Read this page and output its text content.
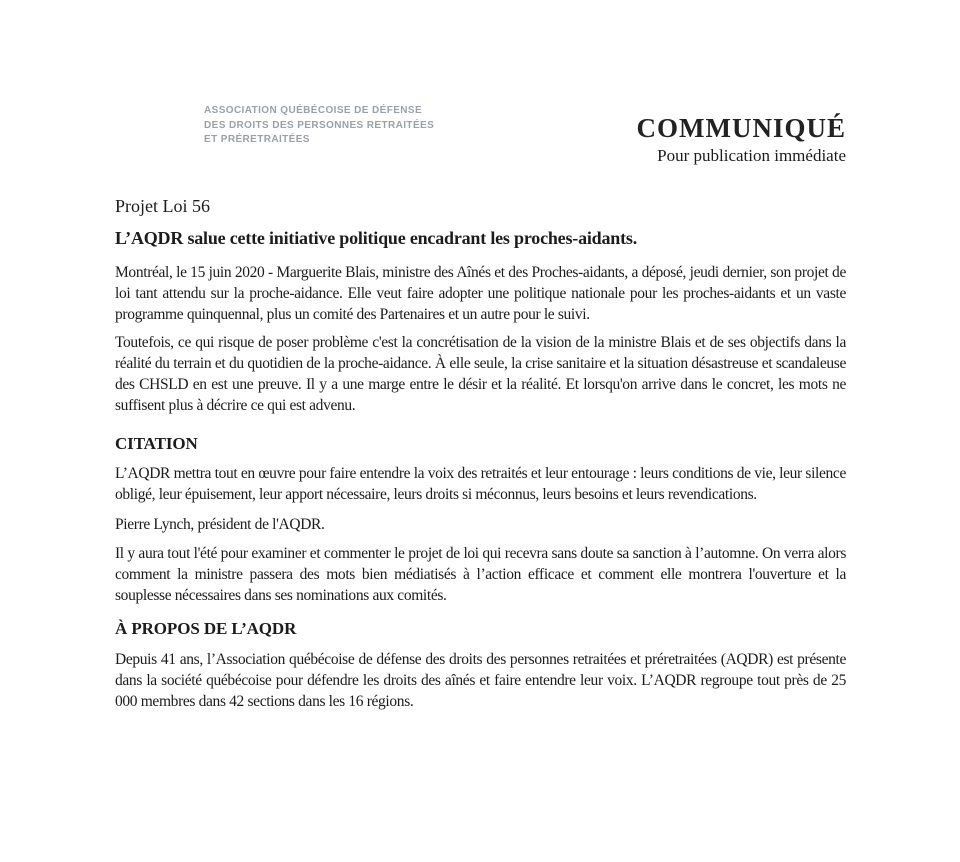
ASSOCIATION QUÉBÉCOISE DE DÉFENSE
DES DROITS DES PERSONNES RETRAITÉES
ET PRÉRETRAITÉES	COMMUNIQUÉ
Pour publication immédiate

Projet Loi 56

L’AQDR salue cette initiative politique encadrant les proches-aidants.

Montréal, le 15 juin 2020 - Marguerite Blais, ministre des Aînés et des Proches-aidants, a déposé, jeudi dernier, son projet de loi tant attendu sur la proche-aidance. Elle veut faire adopter une politique nationale pour les proches-aidants et un vaste programme quinquennal, plus un comité des Partenaires et un autre pour le suivi.

Toutefois, ce qui risque de poser problème c'est la concrétisation de la vision de la ministre Blais et de ses objectifs dans la réalité du terrain et du quotidien de la proche-aidance. À elle seule, la crise sanitaire et la situation désastreuse et scandaleuse des CHSLD en est une preuve. Il y a une marge entre le désir et la réalité. Et lorsqu'on arrive dans le concret, les mots ne suffisent plus à décrire ce qui est advenu.

CITATION

L’AQDR mettra tout en œuvre pour faire entendre la voix des retraités et leur entourage : leurs conditions de vie, leur silence obligé, leur épuisement, leur apport nécessaire, leurs droits si méconnus, leurs besoins et leurs revendications.

Pierre Lynch, président de l'AQDR.

Il y aura tout l'été pour examiner et commenter le projet de loi qui recevra sans doute sa sanction à l’automne. On verra alors comment la ministre passera des mots bien médiatisés à l’action efficace et comment elle montrera l'ouverture et la souplesse nécessaires dans ses nominations aux comités.

À PROPOS DE L’AQDR

Depuis 41 ans, l’Association québécoise de défense des droits des personnes retraitées et préretraitées (AQDR) est présente dans la société québécoise pour défendre les droits des aînés et faire entendre leur voix. L’AQDR regroupe tout près de 25 000 membres dans 42 sections dans les 16 régions.
